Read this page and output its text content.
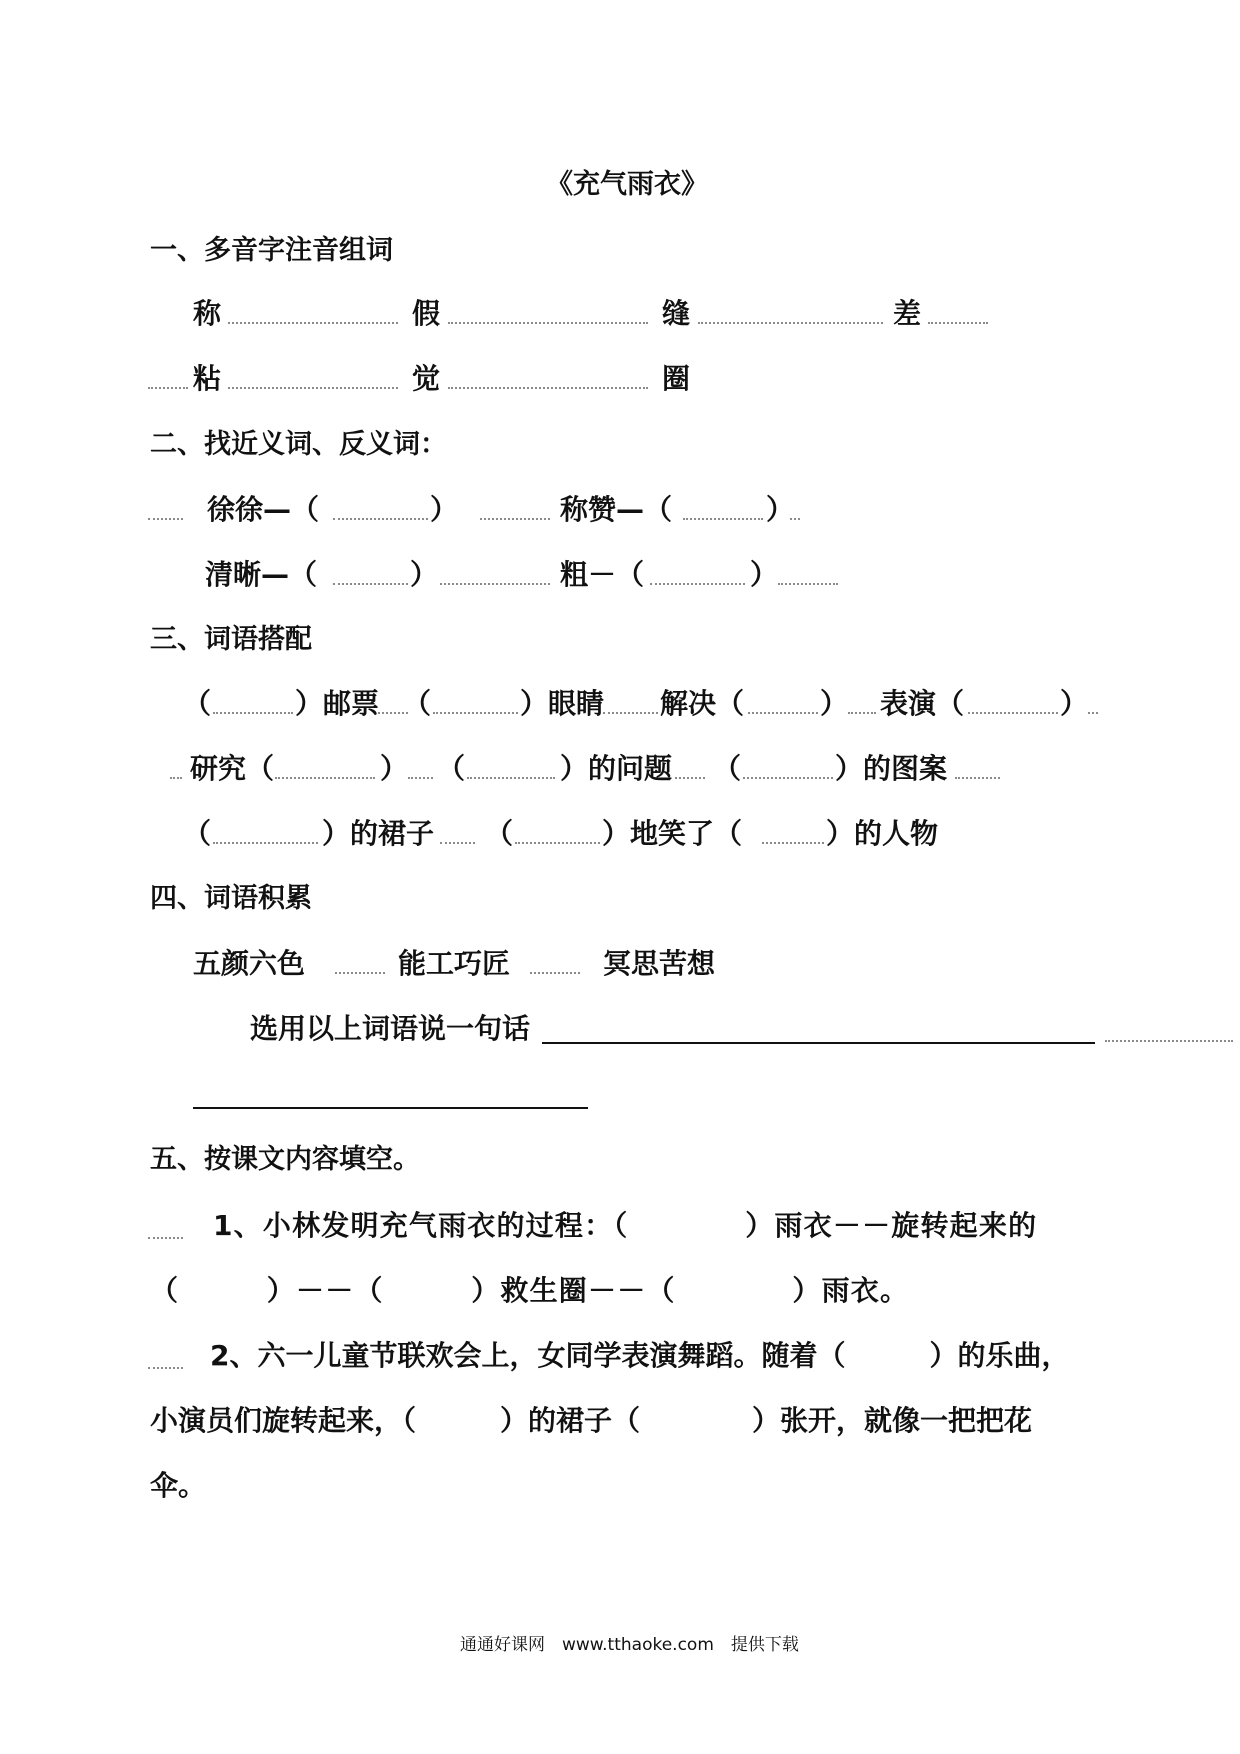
《充气雨衣》
一、多音字注音组词
称	假	缝	差
粘	觉	圈
二、找近义词、反义词：
徐徐—（	）	称赞—（	）
清晰—（	）	粗－（	）
三、词语搭配
（	）邮票 （	）眼睛 解决（	） 表演（	）
研究（	） （	）的问题 （	）的图案
（	）的裙子 （	）地笑了（	）的人物
四、词语积累
五颜六色	能工巧匠	冥思苦想
选用以上词语说一句话
五、按课文内容填空。
1、小林发明充气雨衣的过程：（　　　　）雨衣－－旋转起来的
（　　　）－－（　　　）救生圈－－（　　　　）雨衣。
2、六一儿童节联欢会上，女同学表演舞蹈。随着（　　　）的乐曲，
小演员们旋转起来，（　　　）的裙子（　　　　）张开，就像一把把花
伞。
通通好课网　www.tthaoke.com　提供下载
